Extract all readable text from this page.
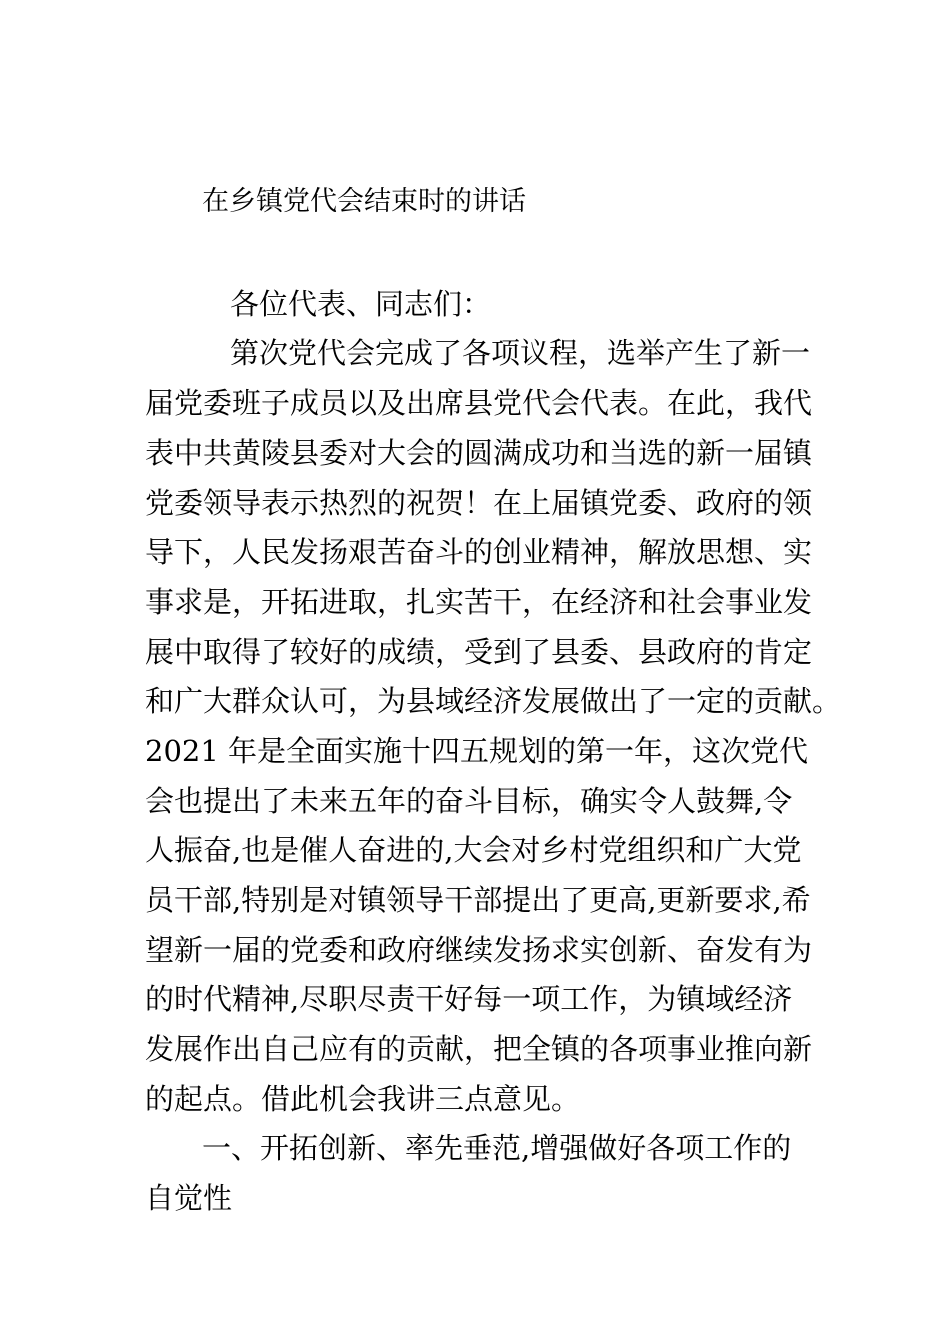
在乡镇党代会结束时的讲话
各位代表、同志们：
第次党代会完成了各项议程，选举产生了新一
届党委班子成员以及出席县党代会代表。在此，我代
表中共黄陵县委对大会的圆满成功和当选的新一届镇
党委领导表示热烈的祝贺！在上届镇党委、政府的领
导下，人民发扬艰苦奋斗的创业精神，解放思想、实
事求是，开拓进取，扎实苦干，在经济和社会事业发
展中取得了较好的成绩，受到了县委、县政府的肯定
和广大群众认可，为县域经济发展做出了一定的贡献。
2021 年是全面实施十四五规划的第一年，这次党代
会也提出了未来五年的奋斗目标，确实令人鼓舞,令
人振奋,也是催人奋进的,大会对乡村党组织和广大党
员干部,特别是对镇领导干部提出了更高,更新要求,希
望新一届的党委和政府继续发扬求实创新、奋发有为
的时代精神,尽职尽责干好每一项工作，为镇域经济
发展作出自己应有的贡献，把全镇的各项事业推向新
的起点。借此机会我讲三点意见。
一、开拓创新、率先垂范,增强做好各项工作的
自觉性
